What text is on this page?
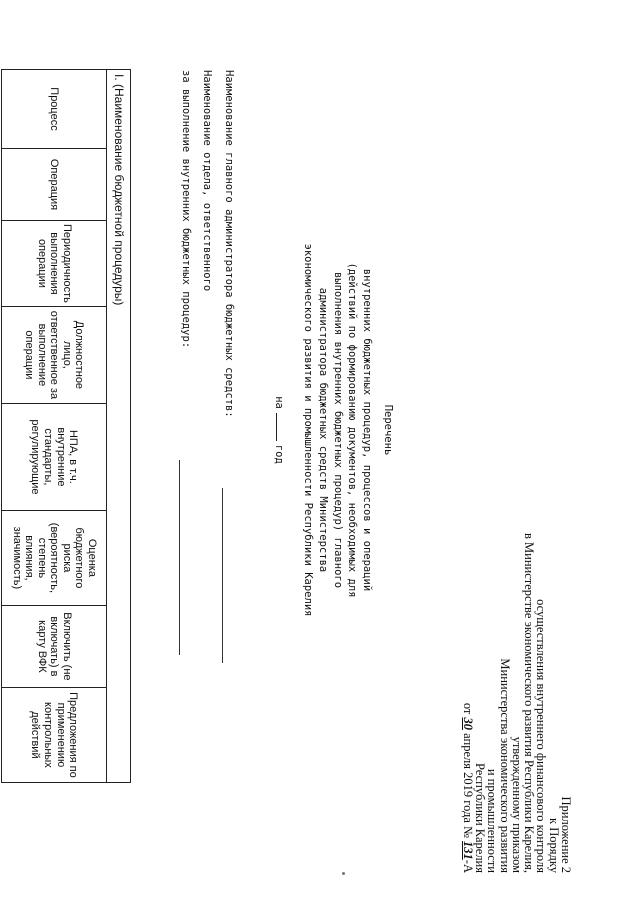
Приложение 2
к Порядку
осуществления внутреннего финансового контроля
в Министерстве экономического развития Республики Карелия,
утвержденному приказом
Министерства экономического развития
и промышленности
Республики Карелия
от 30 апреля 2019 года № 131-А
Перечень
внутренних бюджетных процедур, процессов и операций
(действий по формированию документов, необходимых для
выполнения внутренних бюджетных процедур) главного
администратора бюджетных средств Министерства
экономического развития и промышленности Республики Карелия
нагод
Наименование главного администратора бюджетных средств:
Наименование отдела, ответственного
за выполнение внутренних бюджетных процедур:
I. (Наименование бюджетной процедуры)
Процесс	Операция	Периодичность выполнения операции	Должностное лицо, ответственное за выполнение операции	НПА, в т.ч. внутренние стандарты, регулирующие	Оценка бюджетного риска (вероятность, степень влияния, значимость)	Включить (не включать) в карту ВФК	Предложения по применению контрольных действий
